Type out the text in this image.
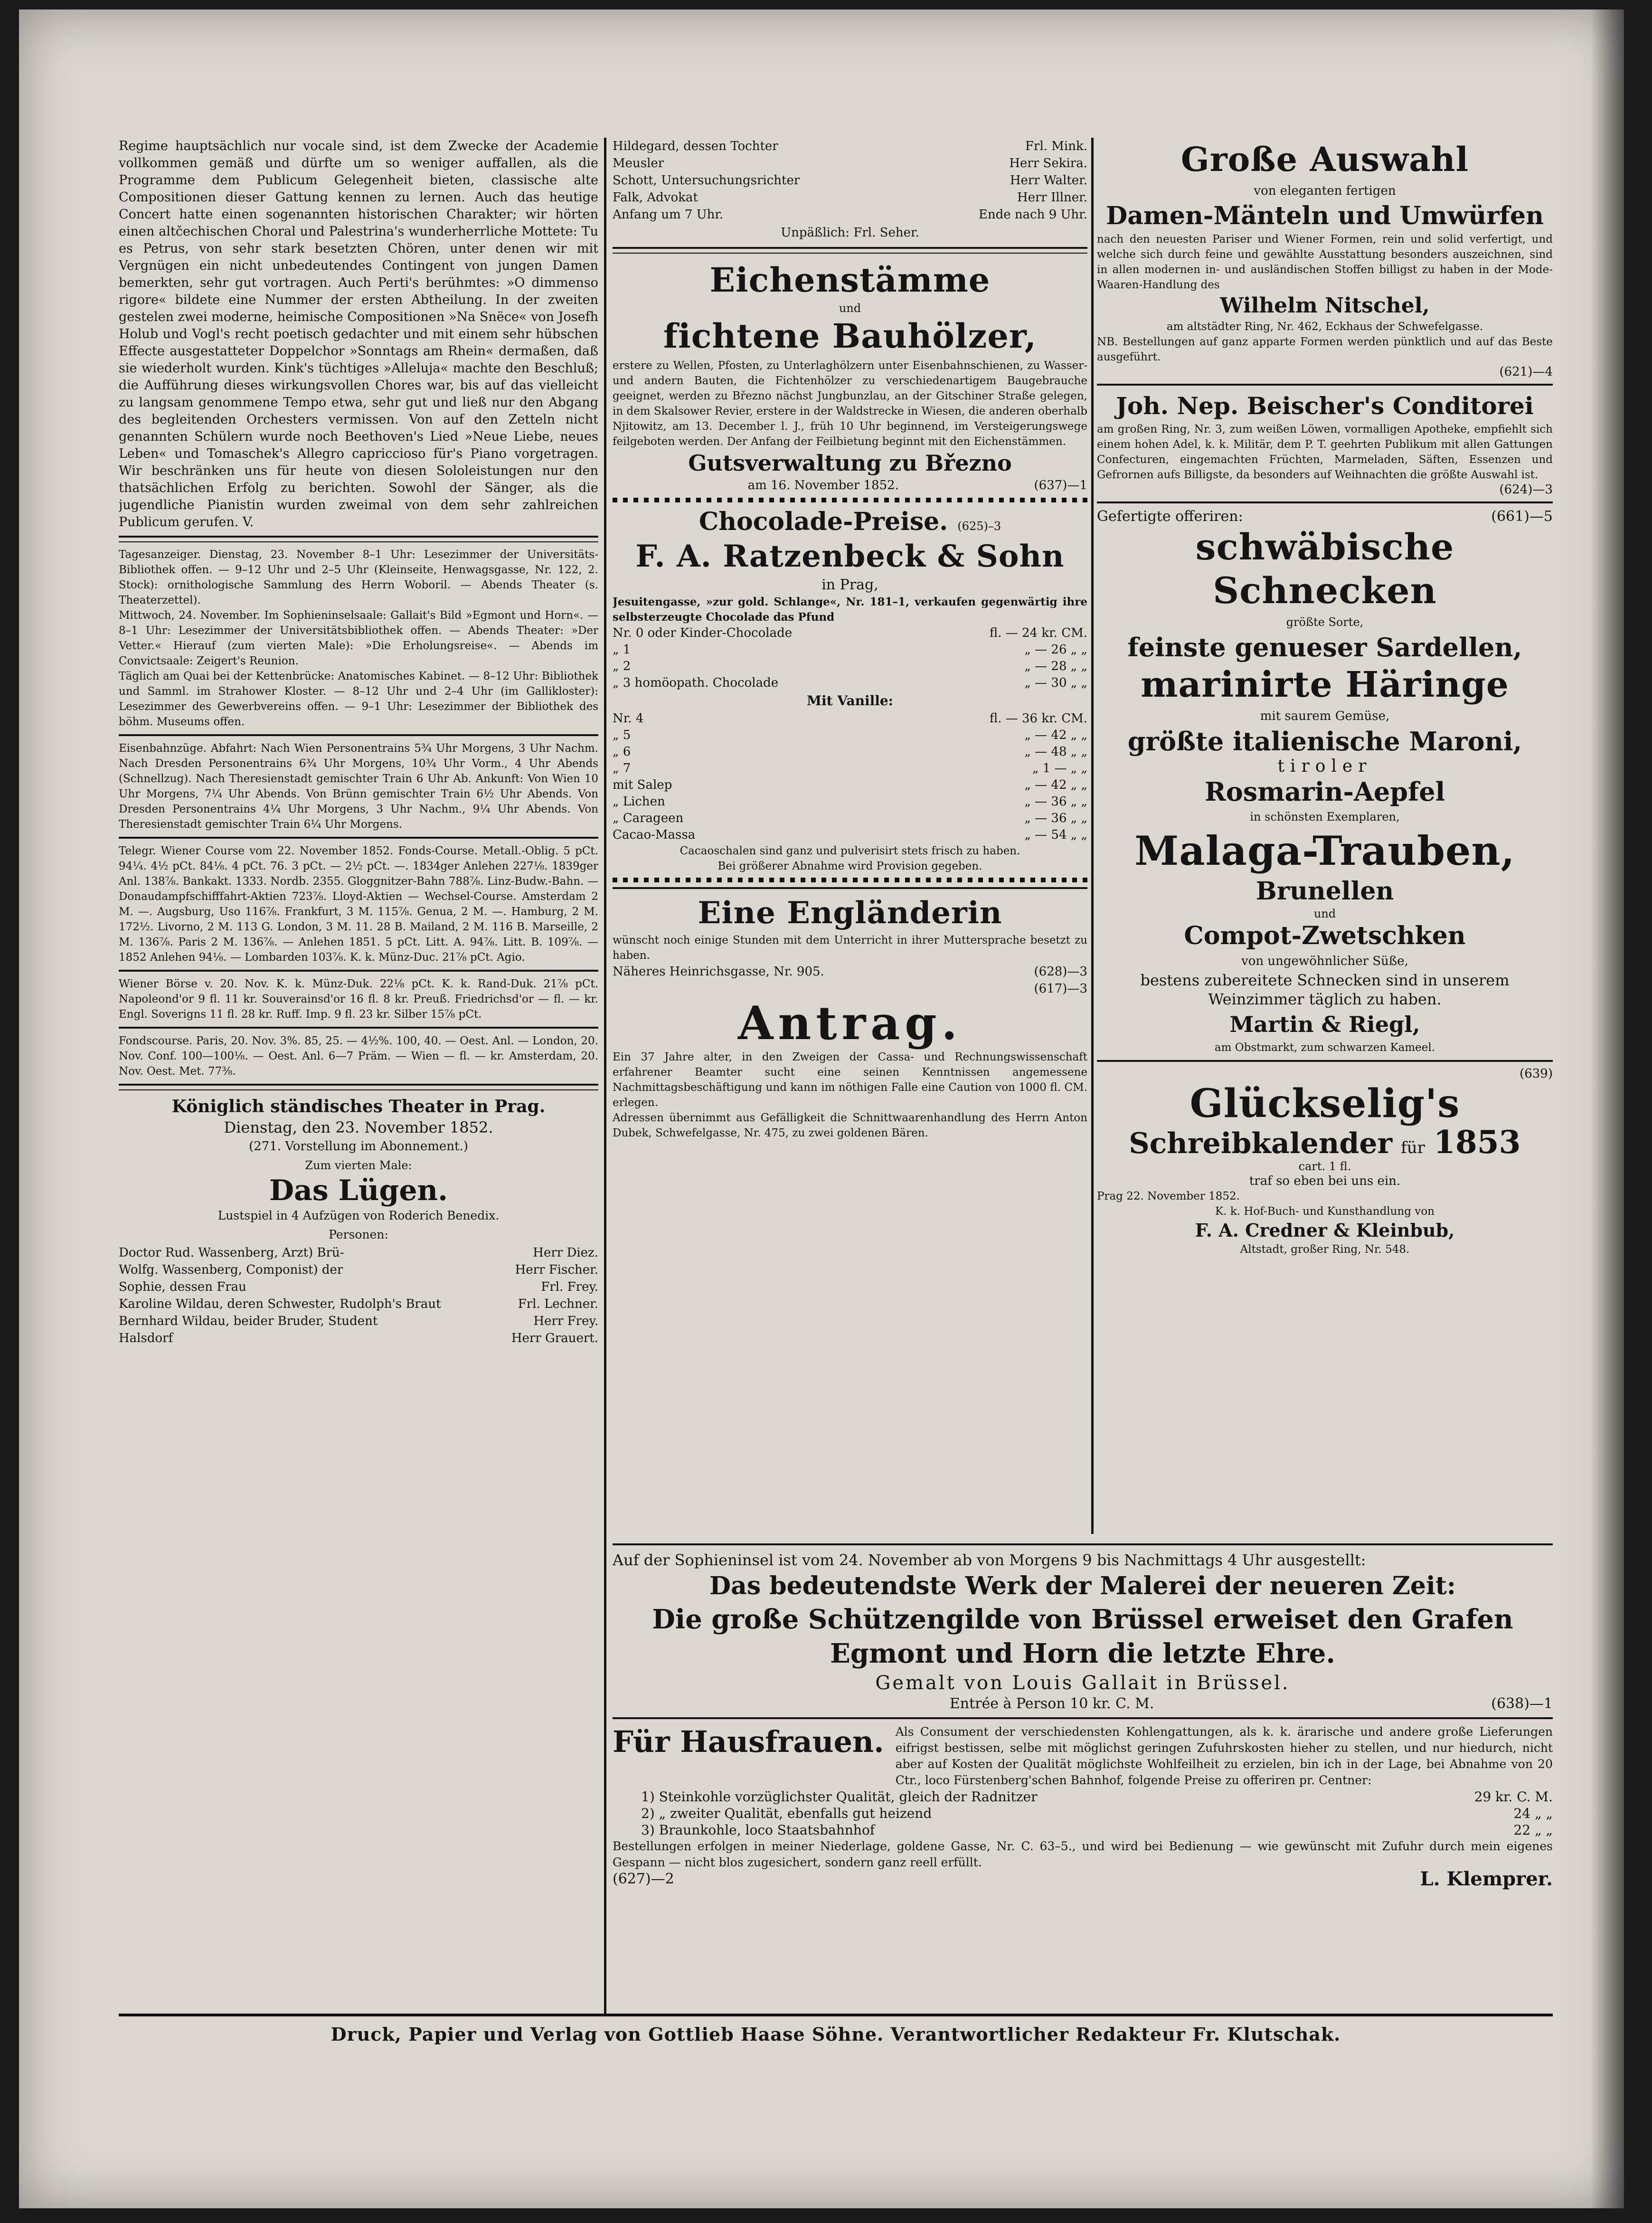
Regime hauptsächlich nur vocale sind, ist dem Zwecke der Academie vollkommen gemäß und dürfte um so weniger auffallen, als die Programme dem Publicum Gelegenheit bieten, classische alte Compositionen dieser Gattung kennen zu lernen. Auch das heutige Concert hatte einen sogenannten historischen Charakter; wir hörten einen altčechischen Choral und Palestrina's wunderherrliche Mottete: Tu es Petrus, von sehr stark besetzten Chören, unter denen wir mit Vergnügen ein nicht unbedeutendes Contingent von jungen Damen bemerkten, sehr gut vortragen. Auch Perti's berühmtes: »O dimmenso rigore« bildete eine Nummer der ersten Abtheilung. In der zweiten gestelen zwei moderne, heimische Compositionen »Na Snëce« von Josefh Holub und Vogl's recht poetisch gedachter und mit einem sehr hübschen Effecte ausgestatteter Doppelchor »Sonntags am Rhein« dermaßen, daß sie wiederholt wurden. Kink's tüchtiges »Alleluja« machte den Beschluß; die Aufführung dieses wirkungsvollen Chores war, bis auf das vielleicht zu langsam genommene Tempo etwa, sehr gut und ließ nur den Abgang des begleitenden Orchesters vermissen. Von auf den Zetteln nicht genannten Schülern wurde noch Beethoven's Lied »Neue Liebe, neues Leben« und Tomaschek's Allegro capriccioso für's Piano vorgetragen. Wir beschränken uns für heute von diesen Sololeistungen nur den thatsächlichen Erfolg zu berichten. Sowohl der Sänger, als die jugendliche Pianistin wurden zweimal von dem sehr zahlreichen Publicum gerufen. V.

Tagesanzeiger. Dienstag, 23. November 8–1 Uhr: Lesezimmer der Universitäts-Bibliothek offen. — 9–12 Uhr und 2–5 Uhr (Kleinseite, Henwagsgasse, Nr. 122, 2. Stock): ornithologische Sammlung des Herrn Woboril. — Abends Theater (s. Theaterzettel).

Mittwoch, 24. November. Im Sophieninselsaale: Gallait's Bild »Egmont und Horn«. — 8–1 Uhr: Lesezimmer der Universitätsbibliothek offen. — Abends Theater: »Der Vetter.« Hierauf (zum vierten Male): »Die Erholungsreise«. — Abends im Convictsaale: Zeigert's Reunion.

Täglich am Quai bei der Kettenbrücke: Anatomisches Kabinet. — 8–12 Uhr: Bibliothek und Samml. im Strahower Kloster. — 8–12 Uhr und 2–4 Uhr (im Gallikloster): Lesezimmer des Gewerbvereins offen. — 9–1 Uhr: Lesezimmer der Bibliothek des böhm. Museums offen.

Eisenbahnzüge. Abfahrt: Nach Wien Personentrains 5¾ Uhr Morgens, 3 Uhr Nachm. Nach Dresden Personentrains 6¾ Uhr Morgens, 10¾ Uhr Vorm., 4 Uhr Abends (Schnellzug). Nach Theresienstadt gemischter Train 6 Uhr Ab. Ankunft: Von Wien 10 Uhr Morgens, 7¼ Uhr Abends. Von Brünn gemischter Train 6½ Uhr Abends. Von Dresden Personentrains 4¼ Uhr Morgens, 3 Uhr Nachm., 9¼ Uhr Abends. Von Theresienstadt gemischter Train 6¼ Uhr Morgens.

Telegr. Wiener Course vom 22. November 1852. Fonds-Course. Metall.-Oblig. 5 pCt. 94¼. 4½ pCt. 84⅛. 4 pCt. 76. 3 pCt. — 2½ pCt. —. 1834ger Anlehen 227⅛. 1839ger Anl. 138⅞. Bankakt. 1333. Nordb. 2355. Gloggnitzer-Bahn 788⅞. Linz-Budw.-Bahn. — Donaudampfschifffahrt-Aktien 723⅞. Lloyd-Aktien — Wechsel-Course. Amsterdam 2 M. —. Augsburg, Uso 116⅞. Frankfurt, 3 M. 115⅞. Genua, 2 M. —. Hamburg, 2 M. 172½. Livorno, 2 M. 113 G. London, 3 M. 11. 28 B. Mailand, 2 M. 116 B. Marseille, 2 M. 136⅞. Paris 2 M. 136⅞. — Anlehen 1851. 5 pCt. Litt. A. 94⅞. Litt. B. 109⅞. — 1852 Anlehen 94⅛. — Lombarden 103⅞. K. k. Münz-Duc. 21⅞ pCt. Agio.

Wiener Börse v. 20. Nov. K. k. Münz-Duk. 22⅛ pCt. K. k. Rand-Duk. 21⅞ pCt. Napoleond'or 9 fl. 11 kr. Souverainsd'or 16 fl. 8 kr. Preuß. Friedrichsd'or — fl. — kr. Engl. Soverigns 11 fl. 28 kr. Ruff. Imp. 9 fl. 23 kr. Silber 15⅞ pCt.

Fondscourse. Paris, 20. Nov. 3%. 85, 25. — 4½%. 100, 40. — Oest. Anl. — London, 20. Nov. Conf. 100—100⅛. — Oest. Anl. 6—7 Präm. — Wien — fl. — kr. Amsterdam, 20. Nov. Oest. Met. 77⅜.

Königlich ständisches Theater in Prag.

Dienstag, den 23. November 1852.

(271. Vorstellung im Abonnement.)

Zum vierten Male:

Das Lügen.

Lustspiel in 4 Aufzügen von Roderich Benedix.

Personen:

Doctor Rud. Wassenberg, Arzt) Brü-	Herr Diez.
Wolfg. Wassenberg, Componist) der	Herr Fischer.
Sophie, dessen Frau	Frl. Frey.
Karoline Wildau, deren Schwester, Rudolph's Braut	Frl. Lechner.
Bernhard Wildau, beider Bruder, Student	Herr Frey.
Halsdorf	Herr Grauert.
Hildegard, dessen Tochter	Frl. Mink.
Meusler	Herr Sekira.
Schott, Untersuchungsrichter	Herr Walter.
Falk, Advokat	Herr Illner.
Anfang um 7 Uhr.	Ende nach 9 Uhr.

Unpäßlich: Frl. Seher.

Eichenstämme

und

fichtene Bauhölzer,

erstere zu Wellen, Pfosten, zu Unterlaghölzern unter Eisenbahnschienen, zu Wasser- und andern Bauten, die Fichtenhölzer zu verschiedenartigem Baugebrauche geeignet, werden zu Březno nächst Jungbunzlau, an der Gitschiner Straße gelegen, in dem Skalsower Revier, erstere in der Waldstrecke in Wiesen, die anderen oberhalb Njitowitz, am 13. December l. J., früh 10 Uhr beginnend, im Versteigerungswege feilgeboten werden. Der Anfang der Feilbietung beginnt mit den Eichenstämmen.

Gutsverwaltung zu Březno

am 16. November 1852.	(637)—1

Chocolade-Preise. (625)–3

F. A. Ratzenbeck & Sohn

in Prag,

Jesuitengasse, »zur gold. Schlange«, Nr. 181–1, verkaufen gegenwärtig ihre selbsterzeugte Chocolade das Pfund

Nr. 0 oder Kinder-Chocolade	fl. — 24 kr. CM.
„ 1	„ — 26 „ „
„ 2	„ — 28 „ „
„ 3 homöopath. Chocolade	„ — 30 „ „

Mit Vanille:

Nr. 4	fl. — 36 kr. CM.
„ 5	„ — 42 „ „
„ 6	„ — 48 „ „
„ 7	„ 1 — „ „
mit Salep	„ — 42 „ „
„ Lichen	„ — 36 „ „
„ Carageen	„ — 36 „ „
Cacao-Massa	„ — 54 „ „

Cacaoschalen sind ganz und pulverisirt stets frisch zu haben.

Bei größerer Abnahme wird Provision gegeben.

Eine Engländerin

wünscht noch einige Stunden mit dem Unterricht in ihrer Muttersprache besetzt zu haben.

Näheres Heinrichsgasse, Nr. 905.	(628)—3
(617)—3

Antrag.

Ein 37 Jahre alter, in den Zweigen der Cassa- und Rechnungswissenschaft erfahrener Beamter sucht eine seinen Kenntnissen angemessene Nachmittagsbeschäftigung und kann im nöthigen Falle eine Caution von 1000 fl. CM. erlegen.

Adressen übernimmt aus Gefälligkeit die Schnittwaarenhandlung des Herrn Anton Dubek, Schwefelgasse, Nr. 475, zu zwei goldenen Bären.

Große Auswahl

von eleganten fertigen

Damen-Mänteln und Umwürfen

nach den neuesten Pariser und Wiener Formen, rein und solid verfertigt, und welche sich durch feine und gewählte Ausstattung besonders auszeichnen, sind in allen modernen in- und ausländischen Stoffen billigst zu haben in der Mode-Waaren-Handlung des

Wilhelm Nitschel,

am altstädter Ring, Nr. 462, Eckhaus der Schwefelgasse.

NB. Bestellungen auf ganz apparte Formen werden pünktlich und auf das Beste ausgeführt.

(621)—4

Joh. Nep. Beischer's Conditorei

am großen Ring, Nr. 3, zum weißen Löwen, vormalligen Apotheke, empfiehlt sich einem hohen Adel, k. k. Militär, dem P. T. geehrten Publikum mit allen Gattungen Confecturen, eingemachten Früchten, Marmeladen, Säften, Essenzen und Gefrornen aufs Billigste, da besonders auf Weihnachten die größte Auswahl ist.

(624)—3

Gefertigte offeriren:	(661)—5

schwäbische Schnecken

größte Sorte,

feinste genueser Sardellen,

marinirte Häringe

mit saurem Gemüse,

größte italienische Maroni,

tiroler

Rosmarin-Aepfel

in schönsten Exemplaren,

Malaga-Trauben,

Brunellen

und

Compot-Zwetschken

von ungewöhnlicher Süße,

bestens zubereitete Schnecken sind in unserem Weinzimmer täglich zu haben.

Martin & Riegl,

am Obstmarkt, zum schwarzen Kameel.

(639)

Glückselig's

Schreibkalender für 1853

cart. 1 fl.

traf so eben bei uns ein.

Prag 22. November 1852.

K. k. Hof-Buch- und Kunsthandlung von

F. A. Credner & Kleinbub,

Altstadt, großer Ring, Nr. 548.

Auf der Sophieninsel ist vom 24. November ab von Morgens 9 bis Nachmittags 4 Uhr ausgestellt:

Das bedeutendste Werk der Malerei der neueren Zeit:

Die große Schützengilde von Brüssel erweiset den Grafen

Egmont und Horn die letzte Ehre.

Gemalt von Louis Gallait in Brüssel.

Entrée à Person 10 kr. C. M.	(638)—1

Für Hausfrauen. Als Consument der verschiedensten Kohlengattungen, als k. k. ärarische und andere große Lieferungen eifrigst bestissen, selbe mit möglichst geringen Zufuhrskosten hieher zu stellen, und nur hiedurch, nicht aber auf Kosten der Qualität möglichste Wohlfeilheit zu erzielen, bin ich in der Lage, bei Abnahme von 20 Ctr., loco Fürstenberg'schen Bahnhof, folgende Preise zu offeriren pr. Centner:

1) Steinkohle vorzüglichster Qualität, gleich der Radnitzer	29 kr. C. M.
2) „ zweiter Qualität, ebenfalls gut heizend	24 „ „
3) Braunkohle, loco Staatsbahnhof	22 „ „

Bestellungen erfolgen in meiner Niederlage, goldene Gasse, Nr. C. 63–5., und wird bei Bedienung — wie gewünscht mit Zufuhr durch mein eigenes Gespann — nicht blos zugesichert, sondern ganz reell erfüllt.

(627)—2	L. Klemprer.

Druck, Papier und Verlag von Gottlieb Haase Söhne. Verantwortlicher Redakteur Fr. Klutschak.
